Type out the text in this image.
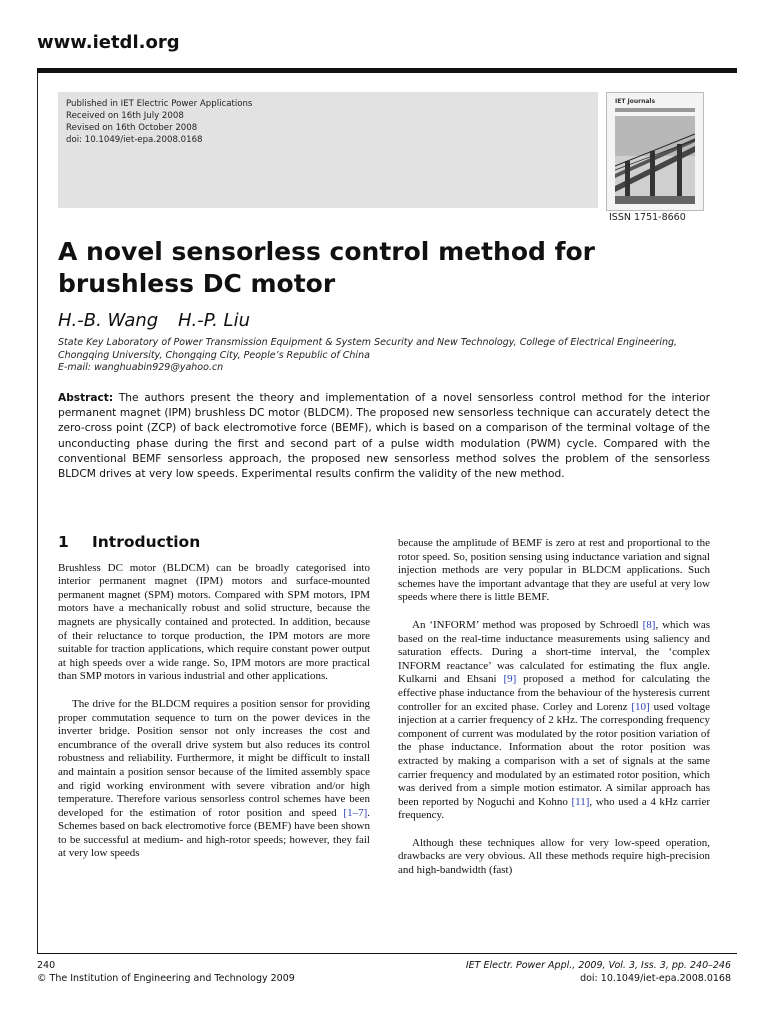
www.ietdl.org
Published in IET Electric Power Applications
Received on 16th July 2008
Revised on 16th October 2008
doi: 10.1049/iet-epa.2008.0168
IET Journals
ISSN 1751-8660
A novel sensorless control method for brushless DC motor
H.-B. Wang H.-P. Liu
State Key Laboratory of Power Transmission Equipment & System Security and New Technology, College of Electrical Engineering, Chongqing University, Chongqing City, People’s Republic of China
E-mail: wanghuabin929@yahoo.cn

Abstract: The authors present the theory and implementation of a novel sensorless control method for the interior permanent magnet (IPM) brushless DC motor (BLDCM). The proposed new sensorless technique can accurately detect the zero-cross point (ZCP) of back electromotive force (BEMF), which is based on a comparison of the terminal voltage of the unconducting phase during the first and second part of a pulse width modulation (PWM) cycle. Compared with the conventional BEMF sensorless approach, the proposed new sensorless method solves the problem of the sensorless BLDCM drives at very low speeds. Experimental results confirm the validity of the new method.

1 Introduction

Brushless DC motor (BLDCM) can be broadly categorised into interior permanent magnet (IPM) motors and surface-mounted permanent magnet (SPM) motors. Compared with SPM motors, IPM motors have a mechanically robust and solid structure, because the magnets are physically contained and protected. In addition, because of their reluctance to torque production, the IPM motors are more suitable for traction applications, which require constant power output at high speeds over a wide range. So, IPM motors are more practical than SMP motors in various industrial and other applications.

The drive for the BLDCM requires a position sensor for providing proper commutation sequence to turn on the power devices in the inverter bridge. Position sensor not only increases the cost and encumbrance of the overall drive system but also reduces its control robustness and reliability. Furthermore, it might be difficult to install and maintain a position sensor because of the limited assembly space and rigid working environment with severe vibration and/or high temperature. Therefore various sensorless control schemes have been developed for the estimation of rotor position and speed [1–7]. Schemes based on back electromotive force (BEMF) have been shown to be successful at medium- and high-rotor speeds; however, they fail at very low speeds

because the amplitude of BEMF is zero at rest and proportional to the rotor speed. So, position sensing using inductance variation and signal injection methods are very popular in BLDCM applications. Such schemes have the important advantage that they are useful at very low speeds where there is little BEMF.

An ‘INFORM’ method was proposed by Schroedl [8], which was based on the real-time inductance measurements using saliency and saturation effects. During a short-time interval, the ‘complex INFORM reactance’ was calculated for estimating the flux angle. Kulkarni and Ehsani [9] proposed a method for calculating the effective phase inductance from the behaviour of the hysteresis current controller for an excited phase. Corley and Lorenz [10] used voltage injection at a carrier frequency of 2 kHz. The corresponding frequency component of current was modulated by the rotor position variation of the phase inductance. Information about the rotor position was extracted by making a comparison with a set of signals at the same carrier frequency and modulated by an estimated rotor position, which was derived from a simple motion estimator. A similar approach has been reported by Noguchi and Kohno [11], who used a 4 kHz carrier frequency.

Although these techniques allow for very low-speed operation, drawbacks are very obvious. All these methods require high-precision and high-bandwidth (fast)

240
© The Institution of Engineering and Technology 2009
IET Electr. Power Appl., 2009, Vol. 3, Iss. 3, pp. 240–246
doi: 10.1049/iet-epa.2008.0168
